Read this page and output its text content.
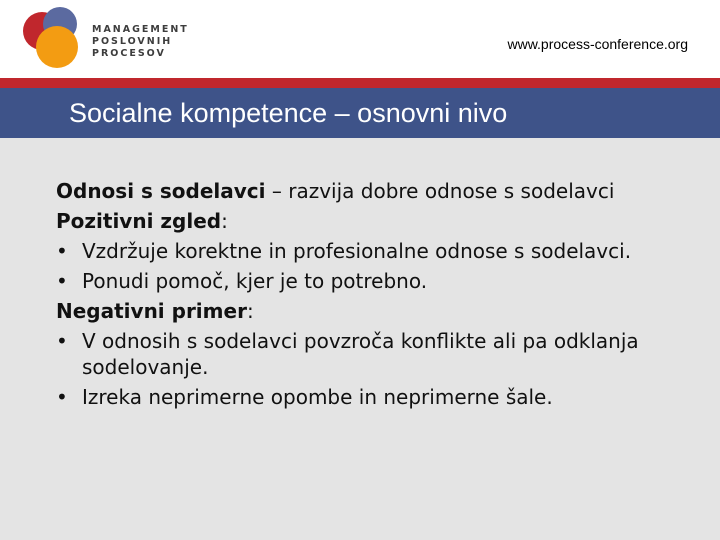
MANAGEMENT
POSLOVNIH
PROCESOV
www.process-conference.org
Socialne kompetence – osnovni nivo

Odnosi s sodelavci – razvija dobre odnose s sodelavci

Pozitivni zgled:

• Vzdržuje korektne in profesionalne odnose s sodelavci.

• Ponudi pomoč, kjer je to potrebno.

Negativni primer:

• V odnosih s sodelavci povzroča konflikte ali pa odklanja sodelovanje.

• Izreka neprimerne opombe in neprimerne šale.
